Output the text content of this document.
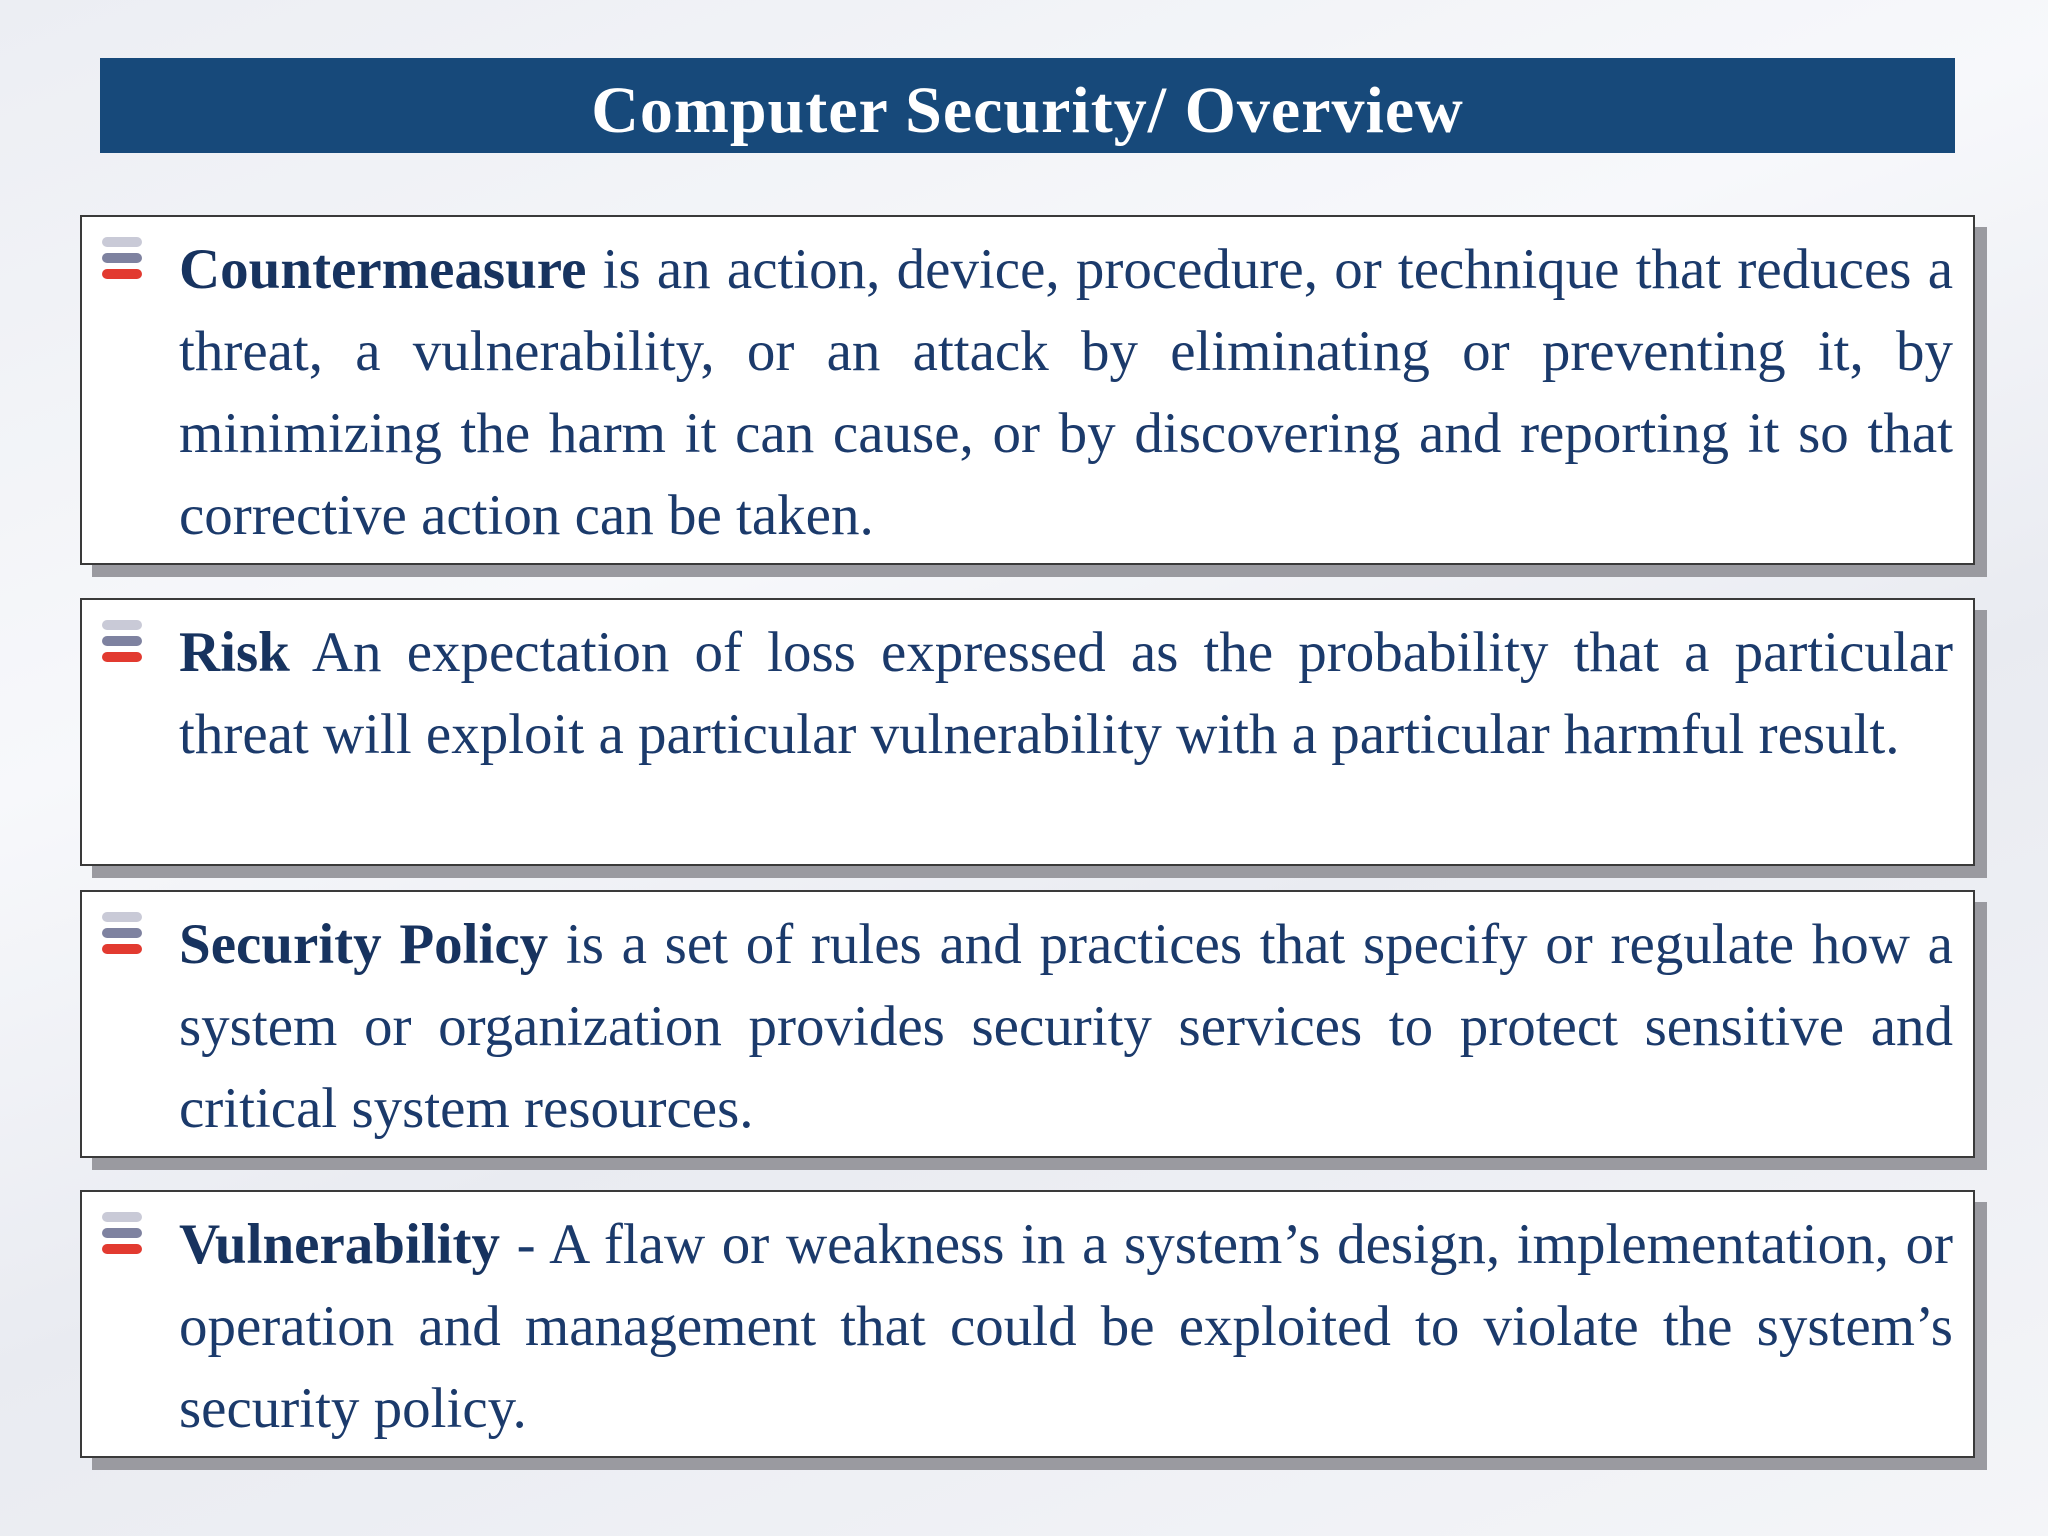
Computer Security/ Overview
Countermeasure is an action, device, procedure, or technique that reduces a threat, a vulnerability, or an attack by eliminating or preventing it, by minimizing the harm it can cause, or by discovering and reporting it so that corrective action can be taken.
Risk An expectation of loss expressed as the probability that a particular threat will exploit a particular vulnerability with a particular harmful result.
Security Policy is a set of rules and practices that specify or regulate how a system or organization provides security services to protect sensitive and critical system resources.
Vulnerability - A flaw or weakness in a system’s design, implementation, or operation and management that could be exploited to violate the system’s security policy.
